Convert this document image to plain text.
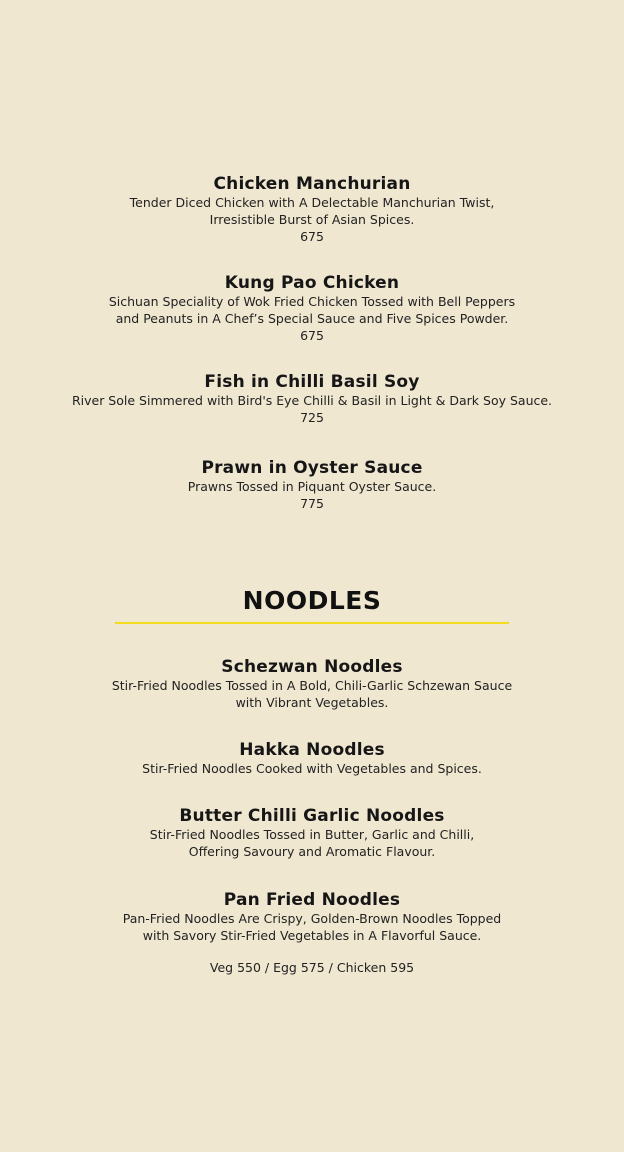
Chicken Manchurian
Tender Diced Chicken with A Delectable Manchurian Twist,
Irresistible Burst of Asian Spices.
675
Kung Pao Chicken
Sichuan Speciality of Wok Fried Chicken Tossed with Bell Peppers
and Peanuts in A Chef’s Special Sauce and Five Spices Powder.
675
Fish in Chilli Basil Soy
River Sole Simmered with Bird's Eye Chilli & Basil in Light & Dark Soy Sauce.
725
Prawn in Oyster Sauce
Prawns Tossed in Piquant Oyster Sauce.
775
NOODLES
Schezwan Noodles
Stir-Fried Noodles Tossed in A Bold, Chili-Garlic Schzewan Sauce
with Vibrant Vegetables.
Hakka Noodles
Stir-Fried Noodles Cooked with Vegetables and Spices.
Butter Chilli Garlic Noodles
Stir-Fried Noodles Tossed in Butter, Garlic and Chilli,
Offering Savoury and Aromatic Flavour.
Pan Fried Noodles
Pan-Fried Noodles Are Crispy, Golden-Brown Noodles Topped
with Savory Stir-Fried Vegetables in A Flavorful Sauce.
Veg 550 / Egg 575 / Chicken 595
